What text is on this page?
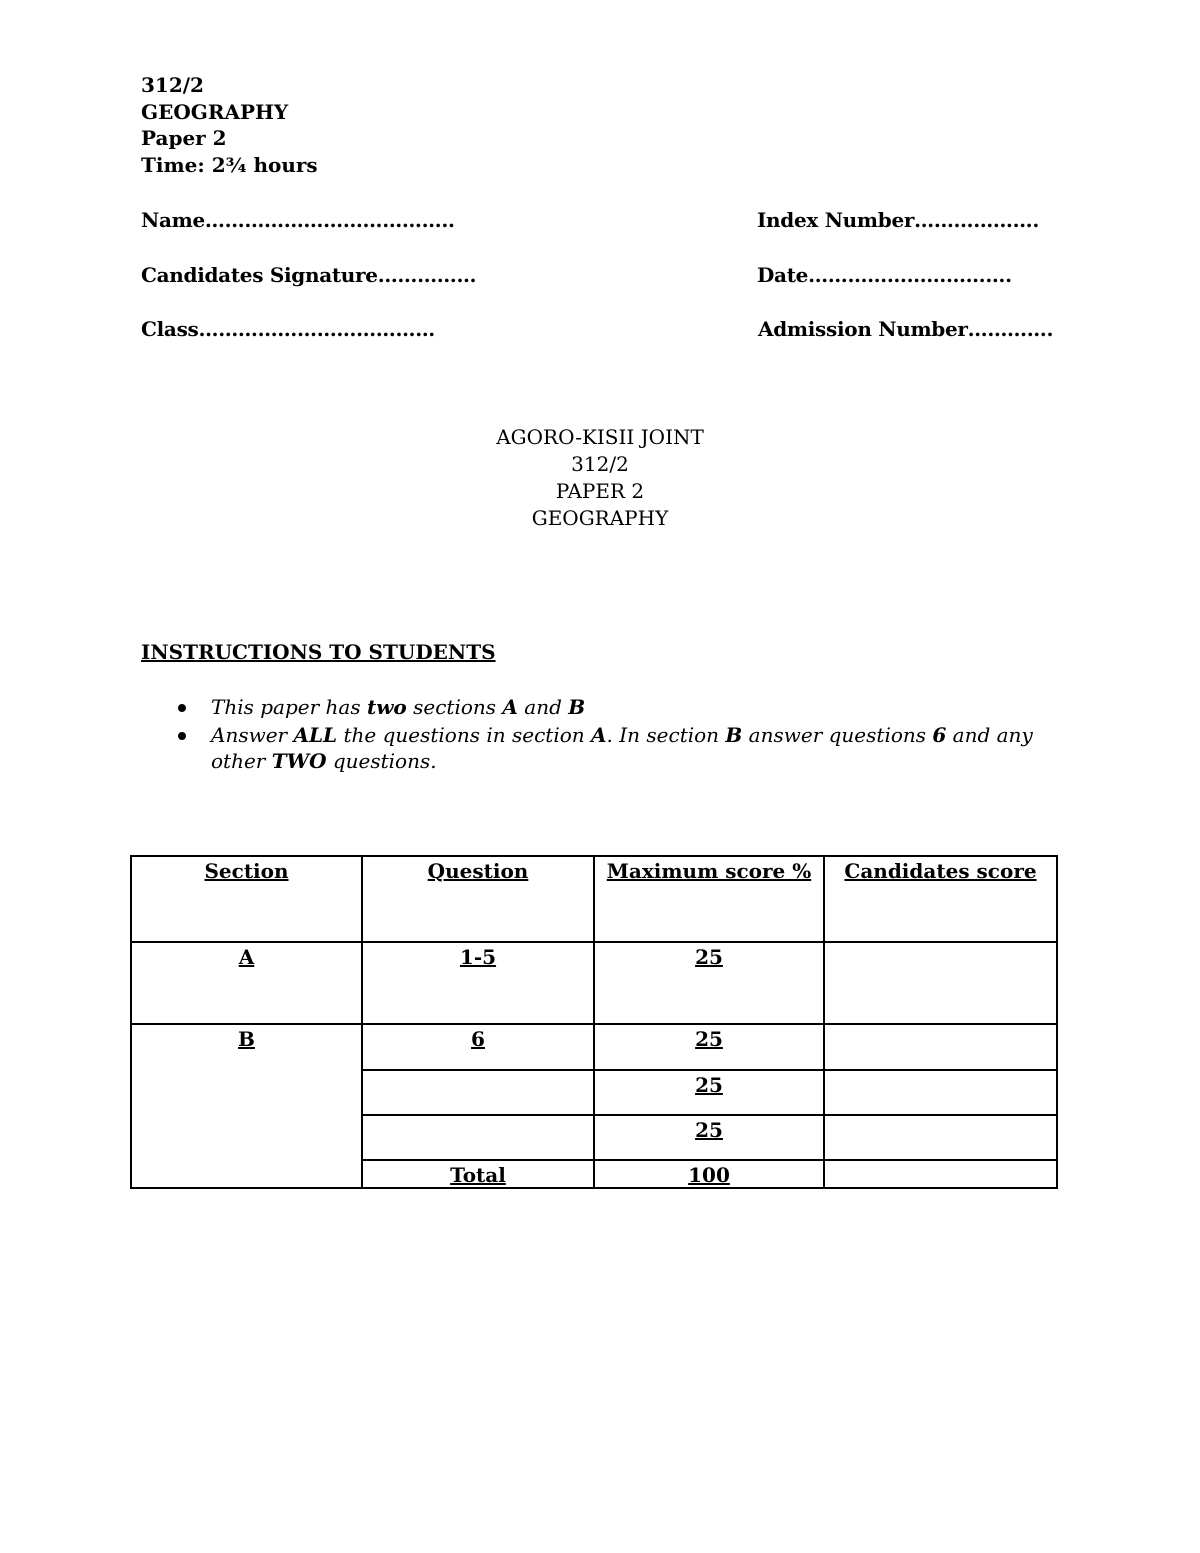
312/2
GEOGRAPHY
Paper 2
Time: 2¾ hours
Name………………………………..	Index Number……………….
Candidates Signature……………	Date………………………….
Class………………………………	Admission Number………….
AGORO-KISII JOINT
312/2
PAPER 2
GEOGRAPHY
INSTRUCTIONS TO STUDENTS
This paper has two sections A and B
Answer ALL the questions in section A. In section B answer questions 6 and any other TWO questions.
Section	Question	Maximum score %	Candidates score
A	1-5	25	
B	6	25	
		25	
		25	
	Total	100	
